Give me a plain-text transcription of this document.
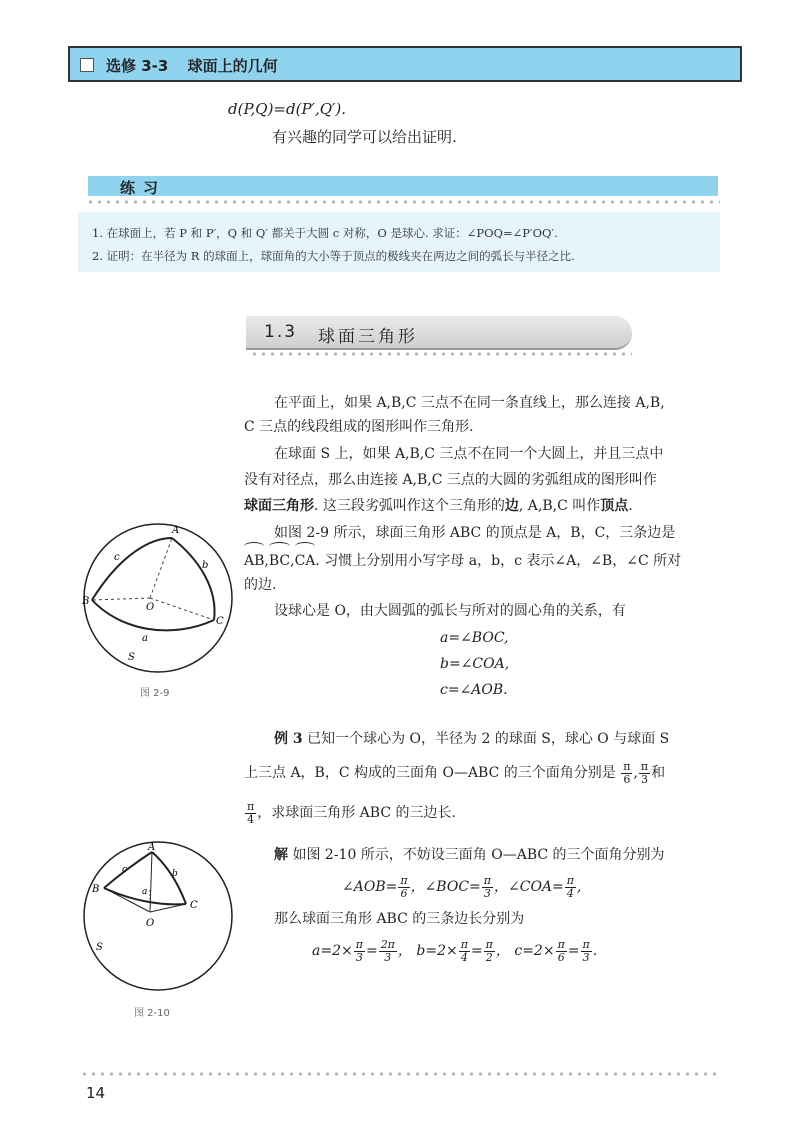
选修 3-3 球面上的几何
d(P,Q)=d(P′,Q′).
有兴趣的同学可以给出证明.
练习
1. 在球面上，若 P 和 P′，Q 和 Q′ 都关于大圆 c 对称，O 是球心. 求证：∠POQ=∠P′OQ′.
2. 证明：在半径为 R 的球面上，球面角的大小等于顶点的极线夹在两边之间的弧长与半径之比.
1.3 球面三角形
在平面上，如果 A,B,C 三点不在同一条直线上，那么连接 A,B,
C 三点的线段组成的图形叫作三角形.
在球面 S 上，如果 A,B,C 三点不在同一个大圆上，并且三点中
没有对径点，那么由连接 A,B,C 三点的大圆的劣弧组成的图形叫作
球面三角形. 这三段劣弧叫作这个三角形的边, A,B,C 叫作顶点.
如图 2-9 所示，球面三角形 ABC 的顶点是 A，B，C，三条边是
AB,BC,CA. 习惯上分别用小写字母 a，b，c 表示∠A，∠B，∠C 所对
的边.
设球心是 O，由大圆弧的弧长与所对的圆心角的关系，有
a=∠BOC,
b=∠COA,
c=∠AOB.
A
B
C
O
a
b
c
S
图 2-9
例 3 已知一个球心为 O，半径为 2 的球面 S，球心 O 与球面 S
上三点 A，B，C 构成的三面角 O—ABC 的三个面角分别是 $\frac{\pi}{6}$ , $\frac{\pi}{3}$ 和
$\frac{\pi}{4}$ ，求球面三角形 ABC 的三边长.
解 如图 2-10 所示，不妨设三面角 O—ABC 的三个面角分别为
∠AOB= $\frac{\pi}{6}$ ，∠BOC= $\frac{\pi}{3}$ ，∠COA= $\frac{\pi}{4}$ ,
那么球面三角形 ABC 的三条边长分别为
$a=2\times \frac{\pi}{3} = \frac{2\pi}{3}$ ， $b=2\times \frac{\pi}{4} = \frac{\pi}{2}$ ， $c=2\times \frac{\pi}{6} = \frac{\pi}{3}$ .
A
B
C
O
a
b
c
S
图 2-10
14
